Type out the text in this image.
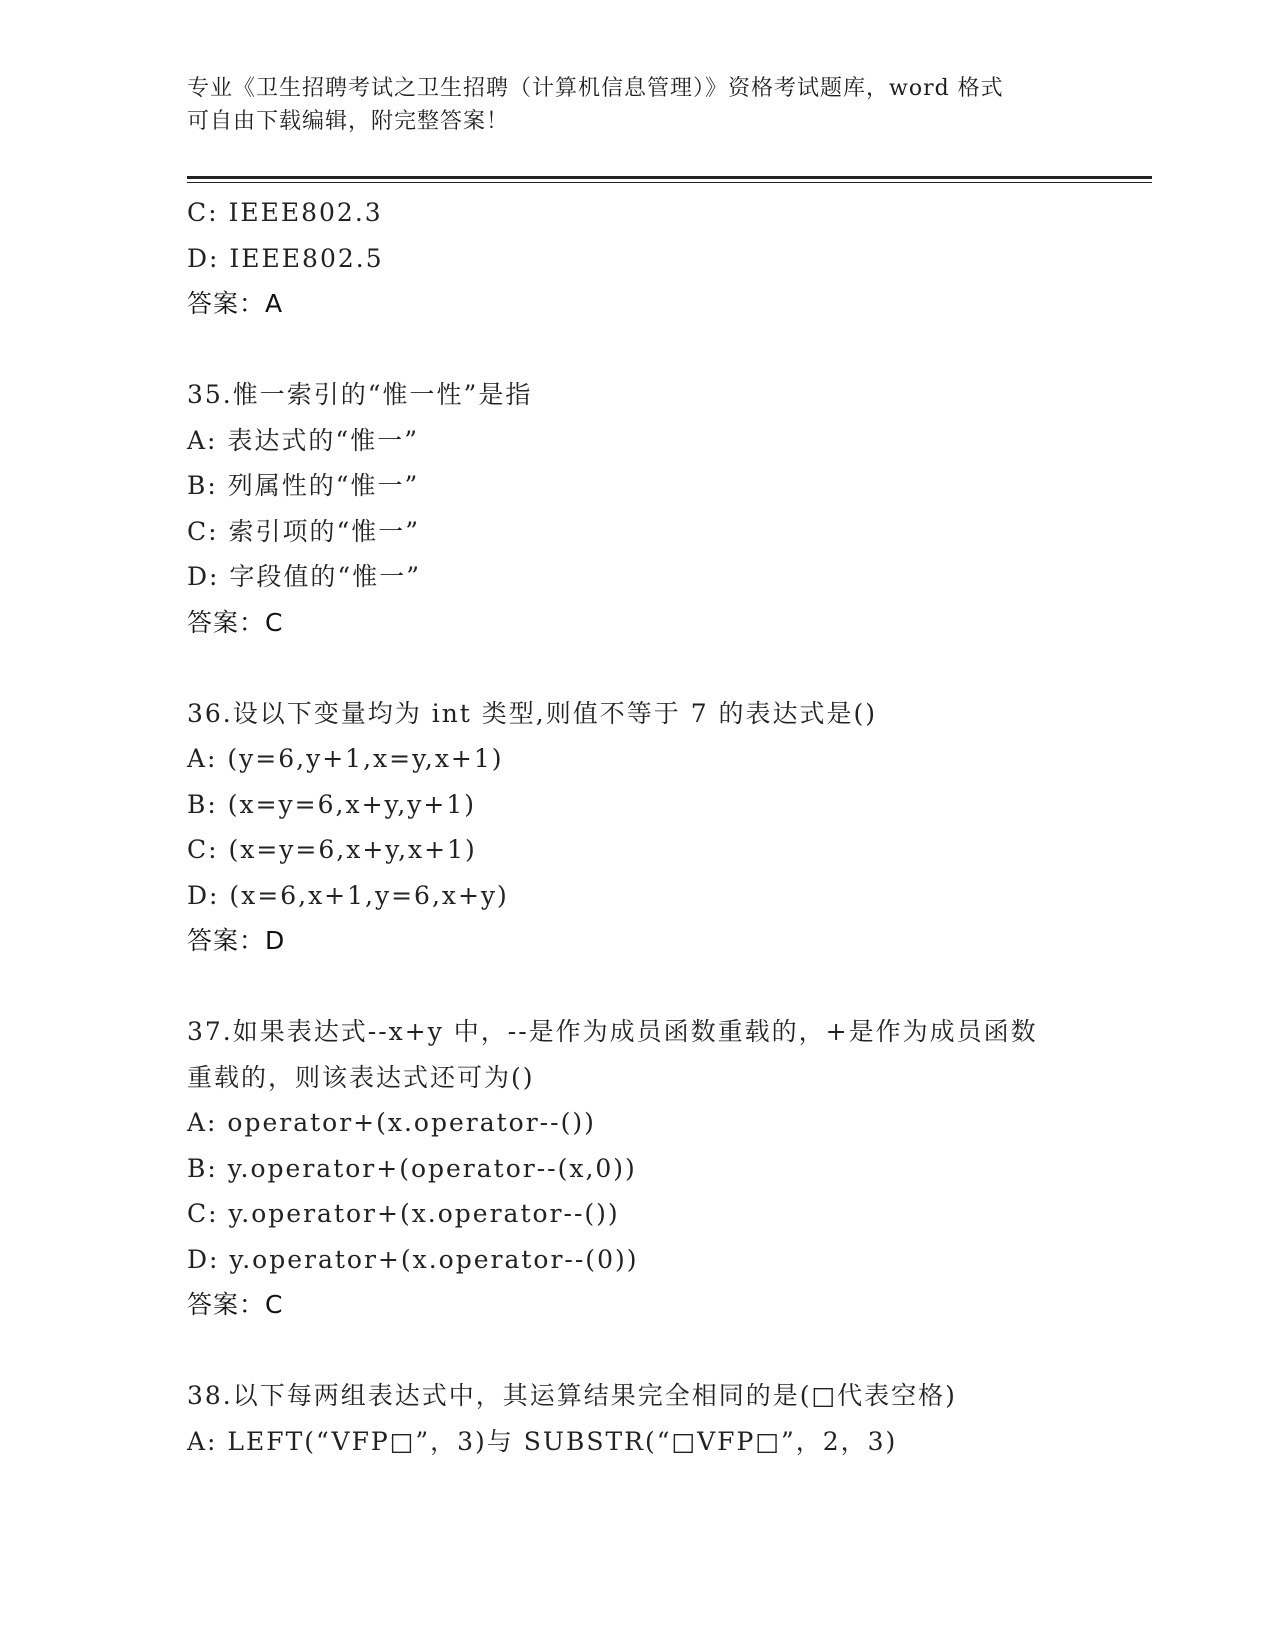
专业《卫生招聘考试之卫生招聘（计算机信息管理）》资格考试题库，word 格式
可自由下载编辑，附完整答案！
C: IEEE802.3
D: IEEE802.5
答案：A
35.惟一索引的“惟一性”是指
A: 表达式的“惟一”
B: 列属性的“惟一”
C: 索引项的“惟一”
D: 字段值的“惟一”
答案：C
36.设以下变量均为 int 类型,则值不等于 7 的表达式是()
A: (y=6,y+1,x=y,x+1)
B: (x=y=6,x+y,y+1)
C: (x=y=6,x+y,x+1)
D: (x=6,x+1,y=6,x+y)
答案：D
37.如果表达式--x+y 中，--是作为成员函数重载的，+是作为成员函数
重载的，则该表达式还可为()
A: operator+(x.operator--())
B: y.operator+(operator--(x,0))
C: y.operator+(x.operator--())
D: y.operator+(x.operator--(0))
答案：C
38.以下每两组表达式中，其运算结果完全相同的是(□代表空格)
A: LEFT(“VFP□”，3)与 SUBSTR(“□VFP□”，2，3)
